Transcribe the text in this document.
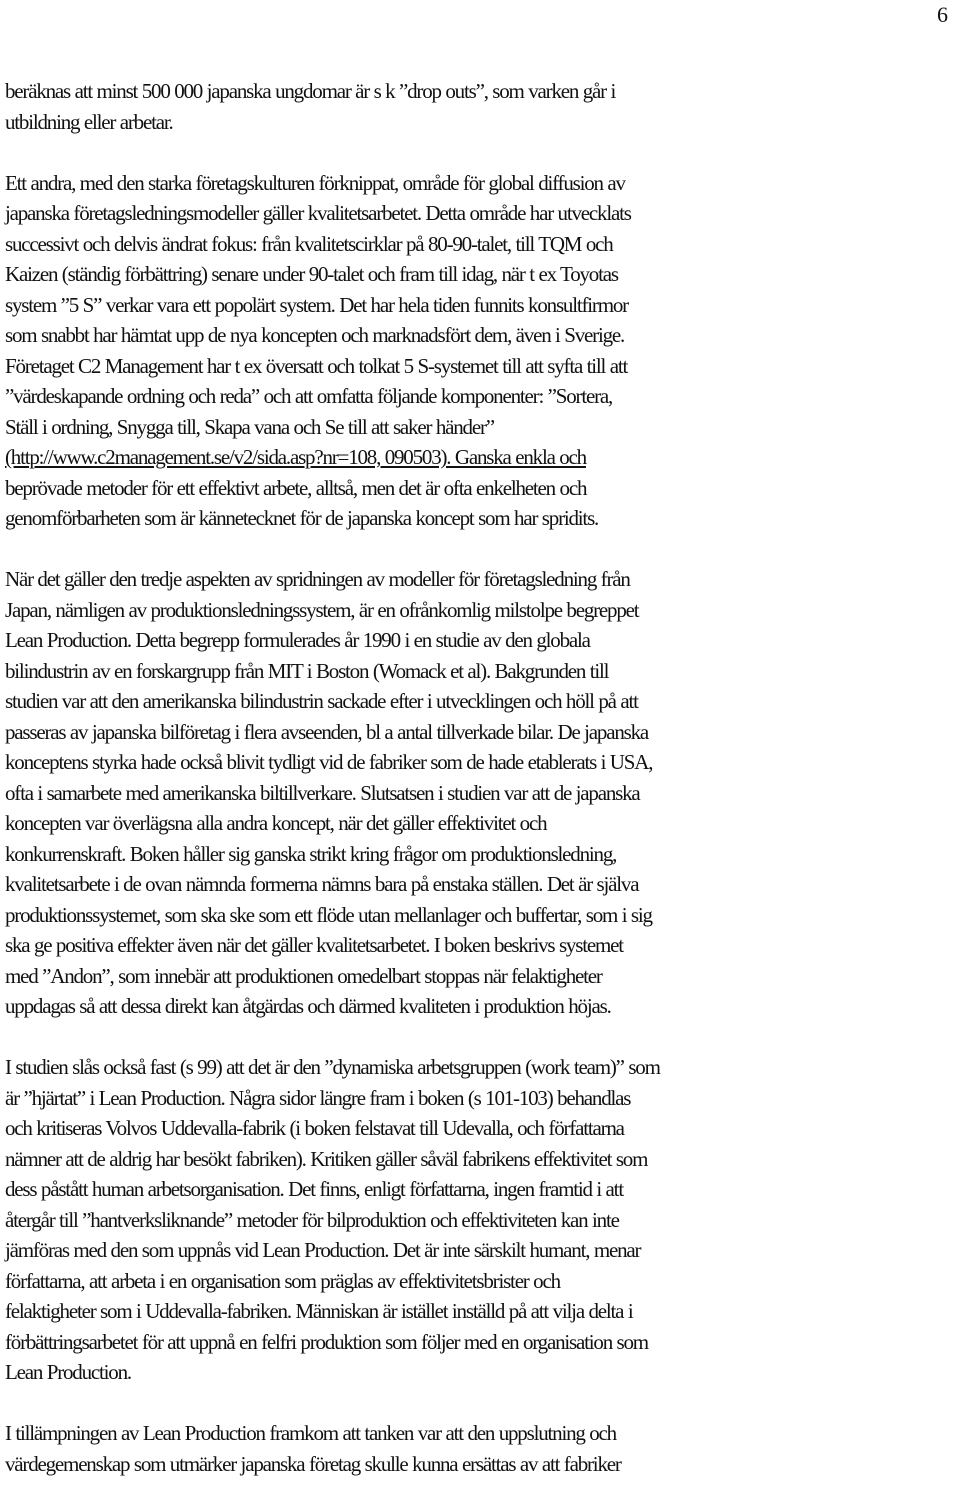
6

beräknas att minst 500 000 japanska ungdomar är s k ”drop outs”, som varken går i
utbildning eller arbetar.

Ett andra, med den starka företagskulturen förknippat, område för global diffusion av
japanska företagsledningsmodeller gäller kvalitetsarbetet. Detta område har utvecklats
successivt och delvis ändrat fokus: från kvalitetscirklar på 80-90-talet, till TQM och
Kaizen (ständig förbättring) senare under 90-talet och fram till idag, när t ex Toyotas
system ”5 S” verkar vara ett popolärt system. Det har hela tiden funnits konsultfirmor
som snabbt har hämtat upp de nya koncepten och marknadsfört dem, även i Sverige.
Företaget C2 Management har t ex översatt och tolkat 5 S-systemet till att syfta till att
”värdeskapande ordning och reda” och att omfatta följande komponenter: ”Sortera,
Ställ i ordning, Snygga till, Skapa vana och Se till att saker händer”
(http://www.c2management.se/v2/sida.asp?nr=108, 090503). Ganska enkla och
beprövade metoder för ett effektivt arbete, alltså, men det är ofta enkelheten och
genomförbarheten som är kännetecknet för de japanska koncept som har spridits.

När det gäller den tredje aspekten av spridningen av modeller för företagsledning från
Japan, nämligen av produktionsledningssystem, är en ofrånkomlig milstolpe begreppet
Lean Production. Detta begrepp formulerades år 1990 i en studie av den globala
bilindustrin av en forskargrupp från MIT i Boston (Womack et al). Bakgrunden till
studien var att den amerikanska bilindustrin sackade efter i utvecklingen och höll på att
passeras av japanska bilföretag i flera avseenden, bl a antal tillverkade bilar. De japanska
konceptens styrka hade också blivit tydligt vid de fabriker som de hade etablerats i USA,
ofta i samarbete med amerikanska biltillverkare. Slutsatsen i studien var att de japanska
koncepten var överlägsna alla andra koncept, när det gäller effektivitet och
konkurrenskraft. Boken håller sig ganska strikt kring frågor om produktionsledning,
kvalitetsarbete i de ovan nämnda formerna nämns bara på enstaka ställen. Det är själva
produktionssystemet, som ska ske som ett flöde utan mellanlager och buffertar, som i sig
ska ge positiva effekter även när det gäller kvalitetsarbetet. I boken beskrivs systemet
med ”Andon”, som innebär att produktionen omedelbart stoppas när felaktigheter
uppdagas så att dessa direkt kan åtgärdas och därmed kvaliteten i produktion höjas.

I studien slås också fast (s 99) att det är den ”dynamiska arbetsgruppen (work team)” som
är ”hjärtat” i Lean Production. Några sidor längre fram i boken (s 101-103) behandlas
och kritiseras Volvos Uddevalla-fabrik (i boken felstavat till Udevalla, och författarna
nämner att de aldrig har besökt fabriken). Kritiken gäller såväl fabrikens effektivitet som
dess påstått human arbetsorganisation. Det finns, enligt författarna, ingen framtid i att
återgår till ”hantverksliknande” metoder för bilproduktion och effektiviteten kan inte
jämföras med den som uppnås vid Lean Production. Det är inte särskilt humant, menar
författarna, att arbeta i en organisation som präglas av effektivitetsbrister och
felaktigheter som i Uddevalla-fabriken. Människan är istället inställd på att vilja delta i
förbättringsarbetet för att uppnå en felfri produktion som följer med en organisation som
Lean Production.

I tillämpningen av Lean Production framkom att tanken var att den uppslutning och
värdegemenskap som utmärker japanska företag skulle kunna ersättas av att fabriker
